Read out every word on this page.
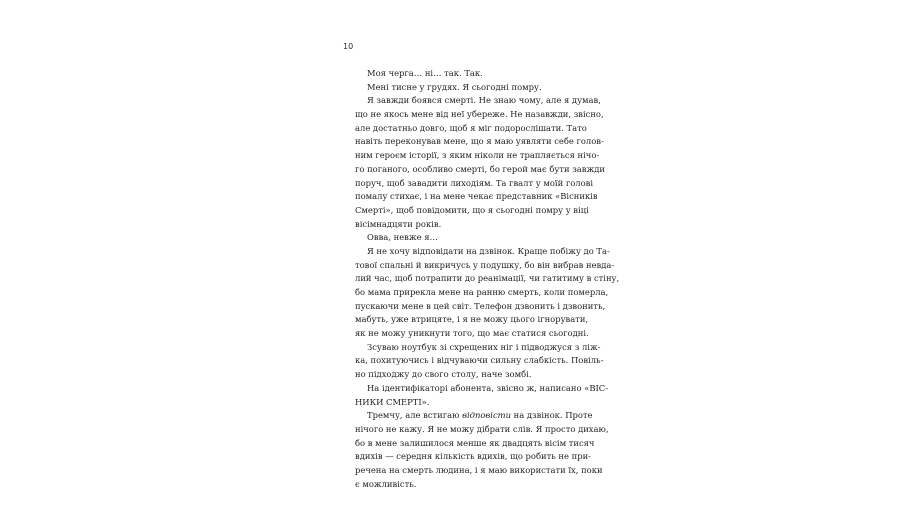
10
Моя черга… ні… так. Так.
Мені тисне у грудях. Я сьогодні помру.
Я завжди боявся смерті. Не знаю чому, але я думав,
що не якось мене від неї убереже. Не назавжди, звісно,
але достатньо довго, щоб я міг подорослішати. Тато
навіть переконував мене, що я маю уявляти себе голов-
ним героєм історії, з яким ніколи не трапляється нічо-
го поганого, особливо смерті, бо герой має бути завжди
поруч, щоб завадити лиходіям. Та гвалт у моїй голові
помалу стихає, і на мене чекає представник «Вісників
Смерті», щоб повідомити, що я сьогодні помру у віці
вісімнадцяти років.
Овва, невже я…
Я не хочу відповідати на дзвінок. Краще побіжу до Та-
тової спальні й викричусь у подушку, бо він вибрав невда-
лий час, щоб потрапити до реанімації, чи гатитиму в стіну,
бо мама прирекла мене на ранню смерть, коли померла,
пускаючи мене в цей світ. Телефон дзвонить і дзвонить,
мабуть, уже втрицяте, і я не можу цього ігнорувати,
як не можу уникнути того, що має статися сьогодні.
Зсуваю ноутбук зі схрещених ніг і підводжуся з ліж-
ка, похитуючись і відчуваючи сильну слабкість. Повіль-
но підходжу до свого столу, наче зомбі.
На ідентифікаторі абонента, звісно ж, написано «ВІС-
НИКИ СМЕРТІ».
Тремчу, але встигаю відповісти на дзвінок. Проте
нічого не кажу. Я не можу дібрати слів. Я просто дихаю,
бо в мене залишилося менше як двадцять вісім тисяч
вдихів — середня кількість вдихів, що робить не при-
речена на смерть людина, і я маю використати їх, поки
є можливість.
